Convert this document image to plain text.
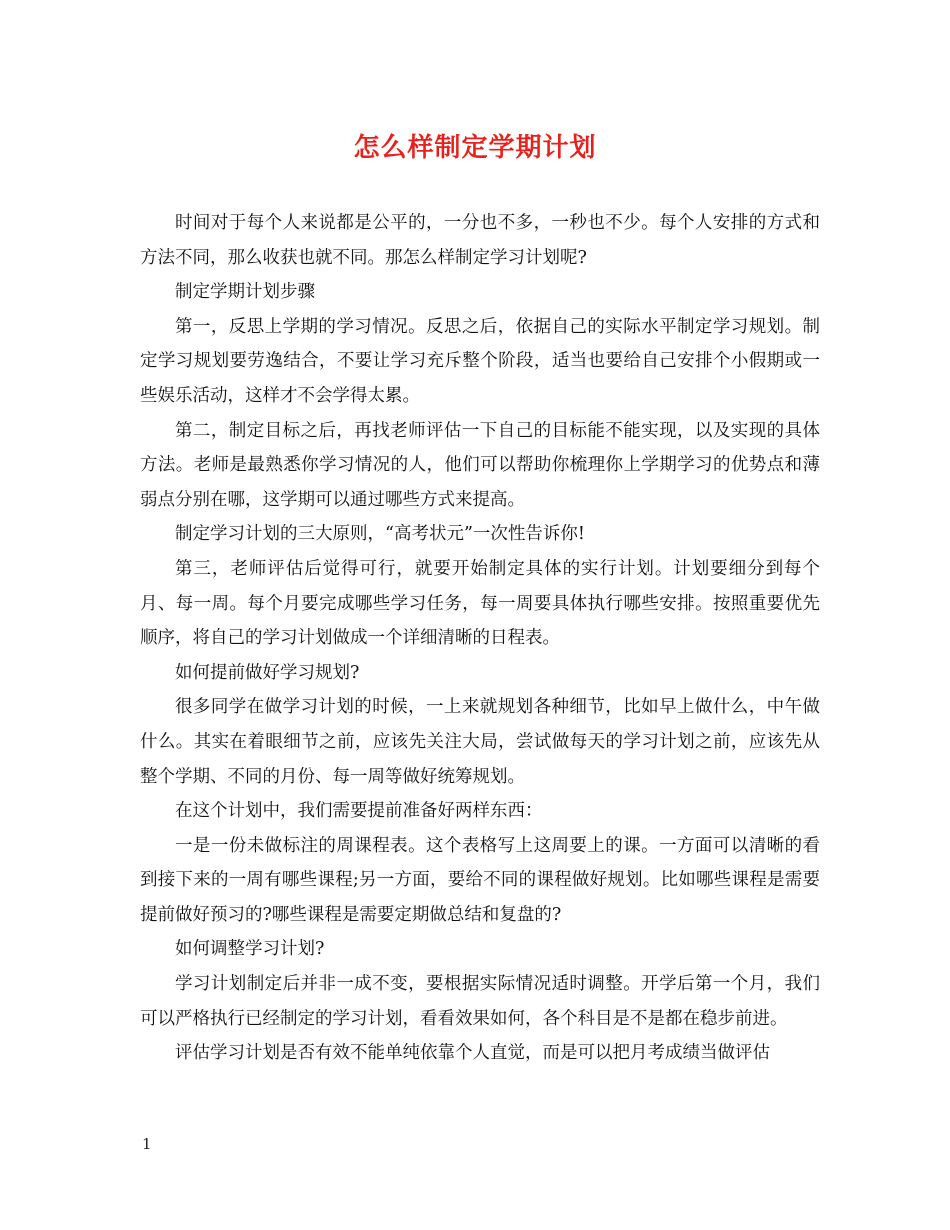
怎么样制定学期计划

时间对于每个人来说都是公平的，一分也不多，一秒也不少。每个人安排的方式和方法不同，那么收获也就不同。那怎么样制定学习计划呢?

制定学期计划步骤

第一，反思上学期的学习情况。反思之后，依据自己的实际水平制定学习规划。制定学习规划要劳逸结合，不要让学习充斥整个阶段，适当也要给自己安排个小假期或一些娱乐活动，这样才不会学得太累。

第二，制定目标之后，再找老师评估一下自己的目标能不能实现，以及实现的具体方法。老师是最熟悉你学习情况的人，他们可以帮助你梳理你上学期学习的优势点和薄弱点分别在哪，这学期可以通过哪些方式来提高。

制定学习计划的三大原则，“高考状元”一次性告诉你!

第三，老师评估后觉得可行，就要开始制定具体的实行计划。计划要细分到每个月、每一周。每个月要完成哪些学习任务，每一周要具体执行哪些安排。按照重要优先顺序，将自己的学习计划做成一个详细清晰的日程表。

如何提前做好学习规划?

很多同学在做学习计划的时候，一上来就规划各种细节，比如早上做什么，中午做什么。其实在着眼细节之前，应该先关注大局，尝试做每天的学习计划之前，应该先从整个学期、不同的月份、每一周等做好统筹规划。

在这个计划中，我们需要提前准备好两样东西：

一是一份未做标注的周课程表。这个表格写上这周要上的课。一方面可以清晰的看到接下来的一周有哪些课程;另一方面，要给不同的课程做好规划。比如哪些课程是需要提前做好预习的?哪些课程是需要定期做总结和复盘的?

如何调整学习计划?

学习计划制定后并非一成不变，要根据实际情况适时调整。开学后第一个月，我们可以严格执行已经制定的学习计划，看看效果如何，各个科目是不是都在稳步前进。

评估学习计划是否有效不能单纯依靠个人直觉，而是可以把月考成绩当做评估

1
